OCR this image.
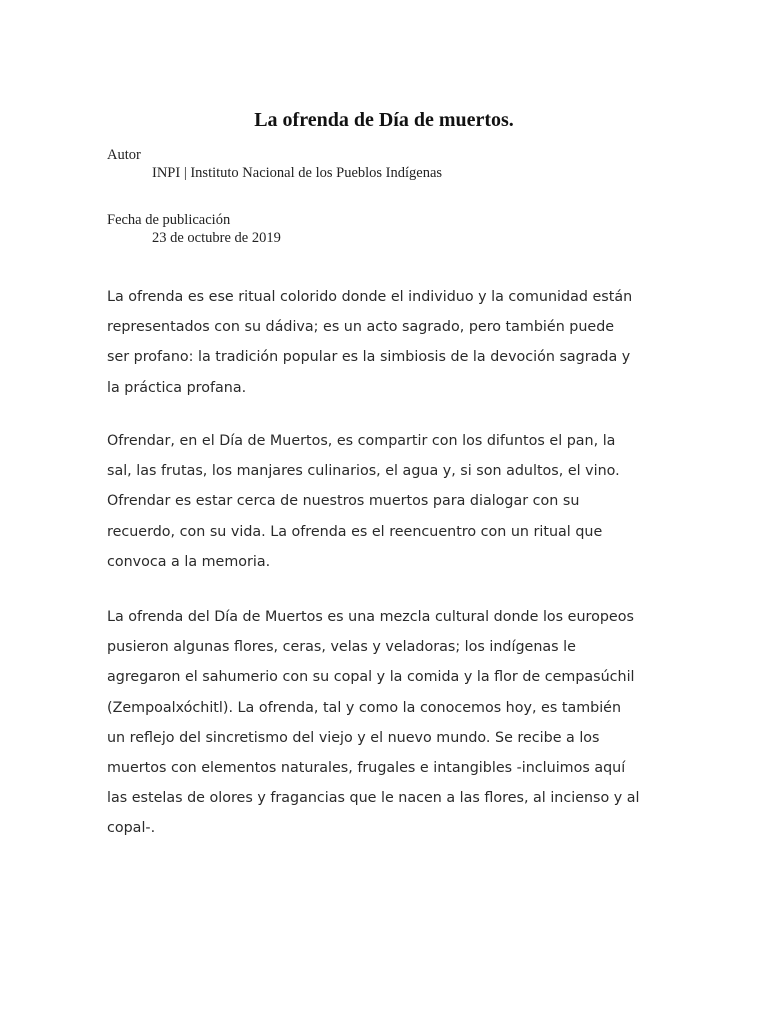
La ofrenda de Día de muertos.
Autor
INPI | Instituto Nacional de los Pueblos Indígenas
Fecha de publicación
23 de octubre de 2019

La ofrenda es ese ritual colorido donde el individuo y la comunidad están
representados con su dádiva; es un acto sagrado, pero también puede
ser profano: la tradición popular es la simbiosis de la devoción sagrada y
la práctica profana.

Ofrendar, en el Día de Muertos, es compartir con los difuntos el pan, la
sal, las frutas, los manjares culinarios, el agua y, si son adultos, el vino.
Ofrendar es estar cerca de nuestros muertos para dialogar con su
recuerdo, con su vida. La ofrenda es el reencuentro con un ritual que
convoca a la memoria.

La ofrenda del Día de Muertos es una mezcla cultural donde los europeos
pusieron algunas flores, ceras, velas y veladoras; los indígenas le
agregaron el sahumerio con su copal y la comida y la flor de cempasúchil
(Zempoalxóchitl). La ofrenda, tal y como la conocemos hoy, es también
un reflejo del sincretismo del viejo y el nuevo mundo. Se recibe a los
muertos con elementos naturales, frugales e intangibles -incluimos aquí
las estelas de olores y fragancias que le nacen a las flores, al incienso y al
copal-.
